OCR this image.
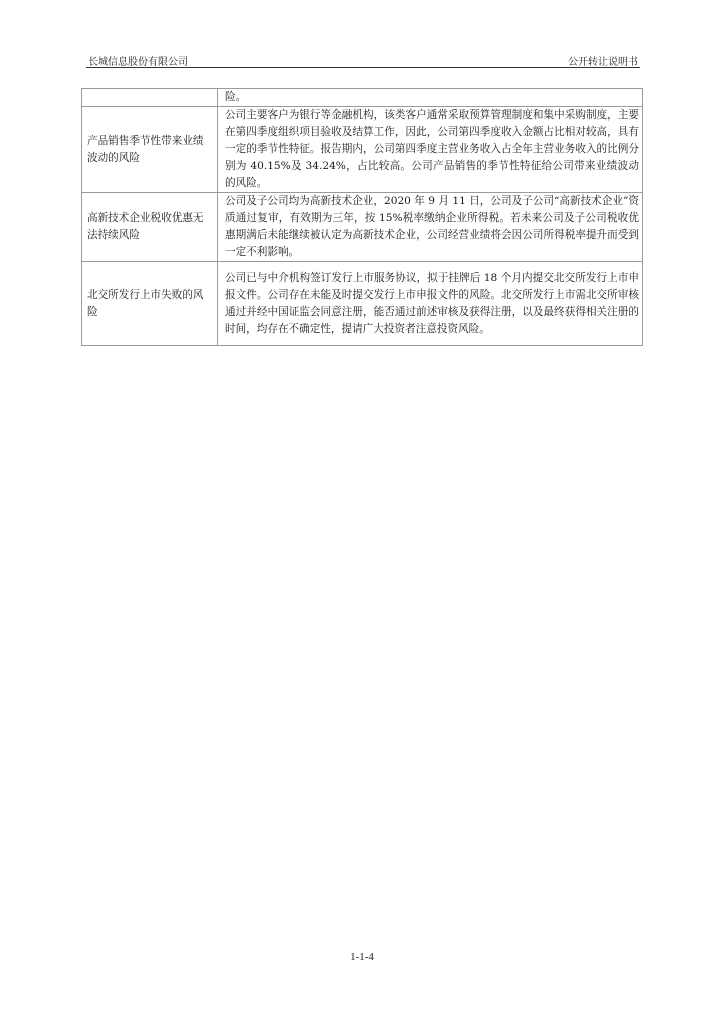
长城信息股份有限公司	公开转让说明书
	险。
产品销售季节性带来业绩波动的风险	公司主要客户为银行等金融机构，该类客户通常采取预算管理制度和集中采购制度，主要在第四季度组织项目验收及结算工作，因此，公司第四季度收入金额占比相对较高，具有一定的季节性特征。报告期内，公司第四季度主营业务收入占全年主营业务收入的比例分别为 40.15%及 34.24%，占比较高。公司产品销售的季节性特征给公司带来业绩波动的风险。
高新技术企业税收优惠无法持续风险	公司及子公司均为高新技术企业，2020 年 9 月 11 日，公司及子公司“高新技术企业”资质通过复审，有效期为三年，按 15%税率缴纳企业所得税。若未来公司及子公司税收优惠期满后未能继续被认定为高新技术企业，公司经营业绩将会因公司所得税率提升而受到一定不利影响。
北交所发行上市失败的风险	公司已与中介机构签订发行上市服务协议，拟于挂牌后 18 个月内提交北交所发行上市申报文件。公司存在未能及时提交发行上市申报文件的风险。北交所发行上市需北交所审核通过并经中国证监会同意注册，能否通过前述审核及获得注册，以及最终获得相关注册的时间，均存在不确定性，提请广大投资者注意投资风险。
1-1-4
